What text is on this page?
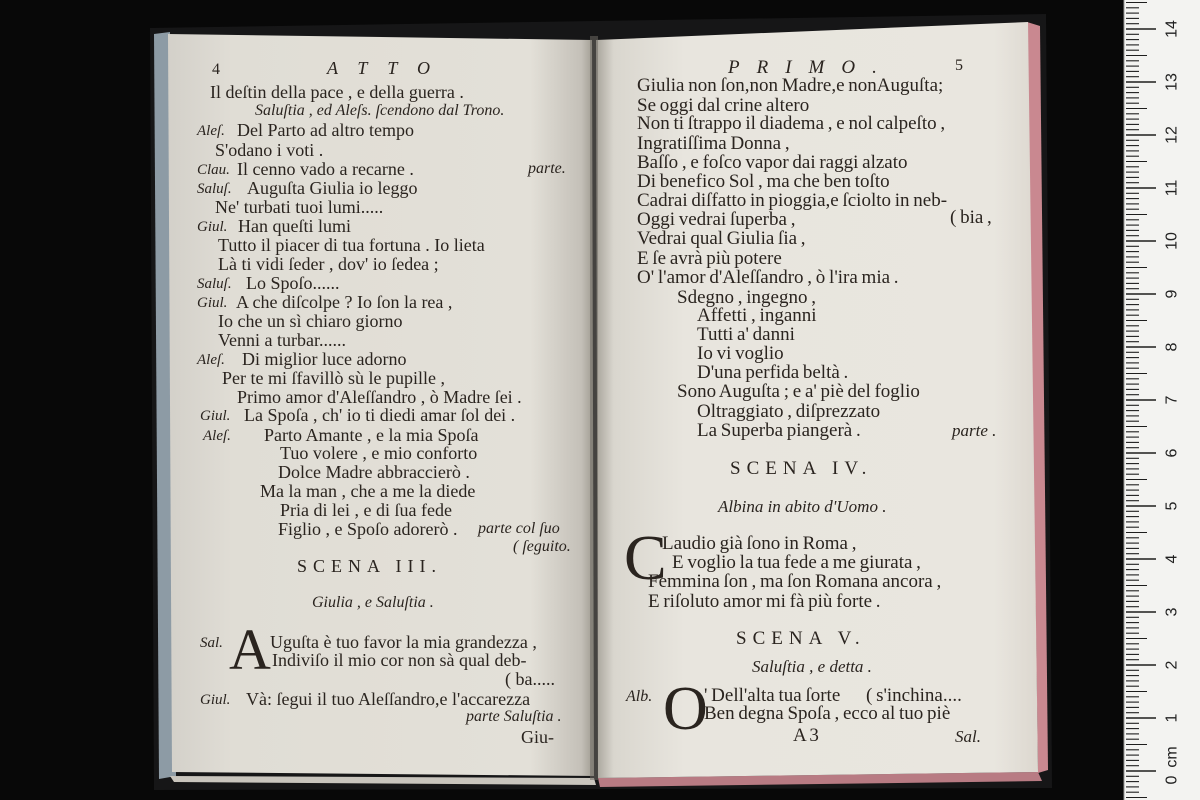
0
cm
1
2
3
4
5
6
7
8
9
10
11
12
13
14
4	ATTO
Il deſtin della pace , e della guerra .
Saluſtia , ed Aleſs. ſcendono dal Trono.
Aleſ. Del Parto ad altro tempo
S'odano i voti .
Clau. Il cenno vado a recarne .	parte.
Saluſ. Auguſta Giulia io leggo
Ne' turbati tuoi lumi.....
Giul. Han queſti lumi
Tutto il piacer di tua fortuna . Io lieta
Là ti vidi ſeder , dov' io ſedea ;
Saluſ. Lo Spoſo......
Giul. A che diſcolpe ? Io ſon la rea ,
Io che un sì chiaro giorno
Venni a turbar......
Aleſ. Di miglior luce adorno
Per te mi ſfavillò sù le pupille ,
Primo amor d'Aleſſandro , ò Madre ſei .
Giul. La Spoſa , ch' io ti diedi amar ſol dei .
Aleſ. Parto Amante , e la mia Spoſa
Tuo volere , e mio conforto
Dolce Madre abbraccierò .
Ma la man , che a me la diede
Pria di lei , e di ſua fede
Figlio , e Spoſo adorerò . parte col ſuo
( ſeguito.
SCENA III.
Giulia , e Saluſtia .
Sal. A Uguſta è tuo favor la mia grandezza ,
Indiviſo il mio cor non sà qual deb-
( ba.....
Giul. Và: ſegui il tuo Aleſſandro,e l'accarezza
parte Saluſtia .
Giu-
PRIMO.	5
Giulia non ſon,non Madre,e nonAuguſta;
Se oggi dal crine altero
Non ti ſtrappo il diadema , e nol calpeſto ,
Ingratiſſima Donna ,
Baſſo , e foſco vapor dai raggi alzato
Di benefico Sol , ma che ben toſto
Cadrai diſfatto in pioggia,e ſciolto in neb-
Oggi vedrai ſuperba ,	( bia ,
Vedrai qual Giulia ſia ,
E ſe avrà più potere
O' l'amor d'Aleſſandro , ò l'ira mia .
Sdegno , ingegno ,
Affetti , inganni
Tutti a' danni
Io vi voglio
D'una perfida beltà .
Sono Auguſta ; e a' piè del foglio
Oltraggiato , diſprezzato
La Superba piangerà .	parte .
SCENA IV.
Albina in abito d'Uomo .
C
Laudio già ſono in Roma ,
E voglio la tua fede a me giurata ,
Femmina ſon , ma ſon Romana ancora ,
E riſoluto amor mi fà più forte .
SCENA V.
Saluſtia , e detta .
Alb. O
' Dell'alta tua ſorte ( s'inchina....
Ben degna Spoſa , ecco al tuo piè
A 3	Sal.
